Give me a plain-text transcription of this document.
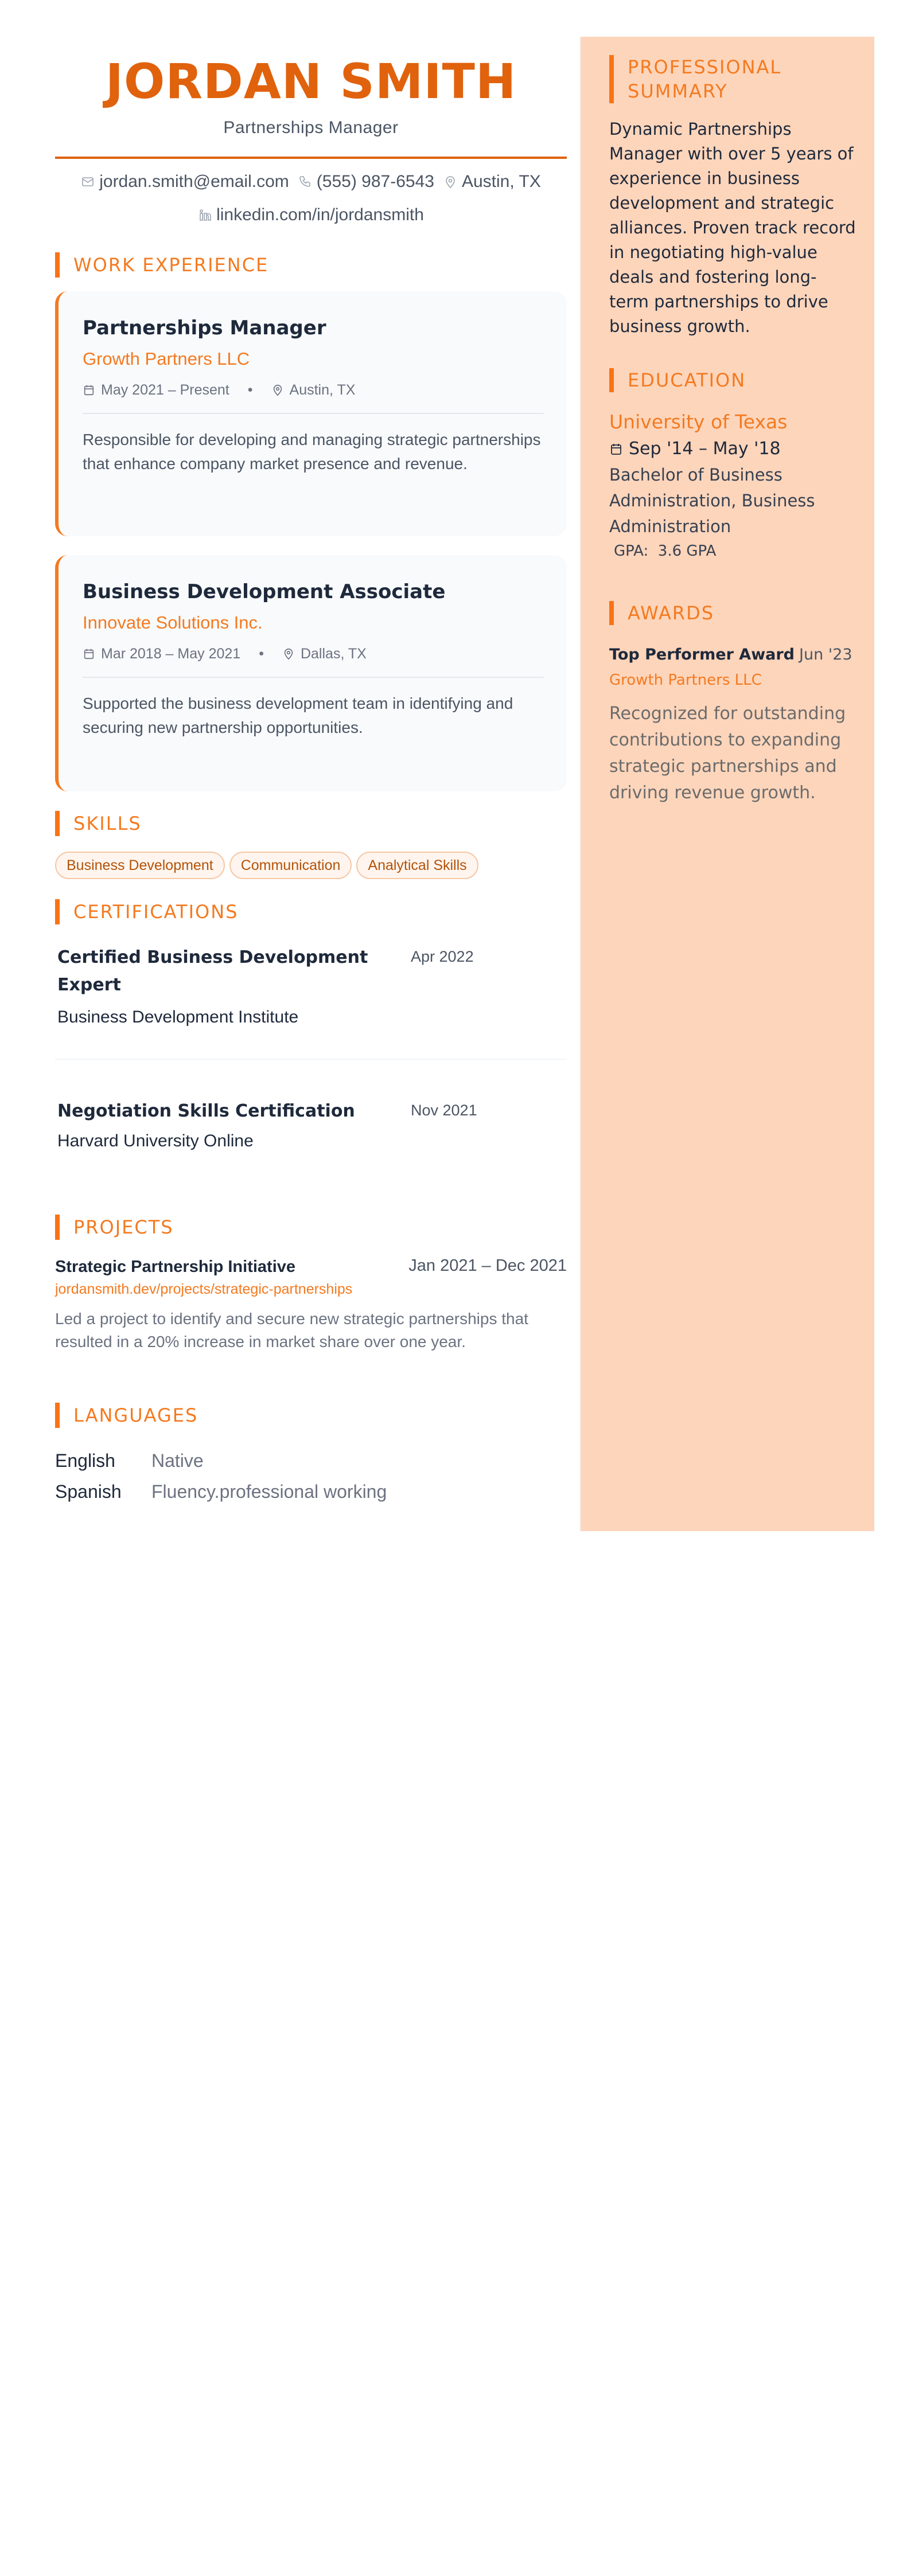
JORDAN SMITH
Partnerships Manager
jordan.smith@email.com (555) 987-6543 Austin, TX
linkedin.com/in/jordansmith
WORK EXPERIENCE
Partnerships Manager
Growth Partners LLC
May 2021 – Present •	Austin, TX
Responsible for developing and managing strategic partnerships that enhance company market presence and revenue.
Business Development Associate
Innovate Solutions Inc.
Mar 2018 – May 2021 •	Dallas, TX
Supported the business development team in identifying and securing new partnership opportunities.
SKILLS
Business Development	Communication	Analytical Skills
CERTIFICATIONS
Certified Business Development Expert
Apr 2022
Business Development Institute
Negotiation Skills Certification	Nov 2021
Harvard University Online
PROJECTS
Strategic Partnership Initiative	Jan 2021 – Dec 2021
jordansmith.dev/projects/strategic-partnerships
Led a project to identify and secure new strategic partnerships that resulted in a 20% increase in market share over one year.
LANGUAGES
English	Native
Spanish	Fluency.professional working
PROFESSIONAL
SUMMARY
Dynamic Partnerships Manager with over 5 years of experience in business development and strategic alliances. Proven track record in negotiating high-value deals and fostering long-term partnerships to drive business growth.
EDUCATION
University of Texas
Sep '14 – May '18
Bachelor of Business Administration, Business Administration
GPA: 3.6 GPA
AWARDS
Top Performer Award Jun '23
Growth Partners LLC
Recognized for outstanding contributions to expanding strategic partnerships and driving revenue growth.
